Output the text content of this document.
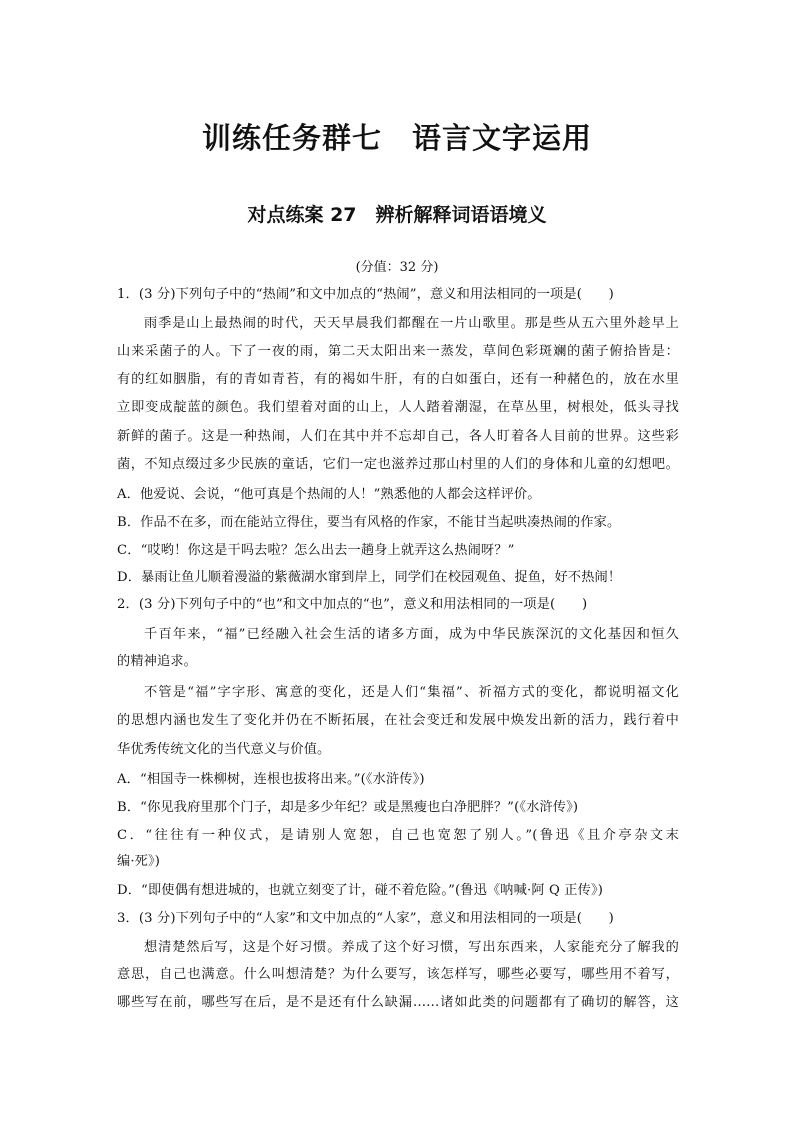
训练任务群七　语言文字运用
对点练案 27　辨析解释词语语境义
(分值：32 分)
1．(3 分)下列句子中的“热闹”和文中加点的“热闹”，意义和用法相同的一项是(　　)
雨季是山上最热闹的时代，天天早晨我们都醒在一片山歌里。那是些从五六里外趁早上
山来采菌子的人。下了一夜的雨，第二天太阳出来一蒸发，草间色彩斑斓的菌子俯拾皆是：
有的红如胭脂，有的青如青苔，有的褐如牛肝，有的白如蛋白，还有一种赭色的，放在水里
立即变成靛蓝的颜色。我们望着对面的山上，人人踏着潮湿，在草丛里，树根处，低头寻找
新鲜的菌子。这是一种热闹，人们在其中并不忘却自己，各人盯着各人目前的世界。这些彩
菌，不知点缀过多少民族的童话，它们一定也滋养过那山村里的人们的身体和儿童的幻想吧。
A．他爱说、会说，“他可真是个热闹的人！”熟悉他的人都会这样评价。
B．作品不在多，而在能站立得住，要当有风格的作家，不能甘当起哄凑热闹的作家。
C．“哎哟！你这是干吗去啦？怎么出去一趟身上就弄这么热闹呀？”
D．暴雨让鱼儿顺着漫溢的紫薇湖水窜到岸上，同学们在校园观鱼、捉鱼，好不热闹！
2．(3 分)下列句子中的“也”和文中加点的“也”，意义和用法相同的一项是(　　)
千百年来，“福”已经融入社会生活的诸多方面，成为中华民族深沉的文化基因和恒久
的精神追求。
不管是“福”字字形、寓意的变化，还是人们“集福”、祈福方式的变化，都说明福文化
的思想内涵也发生了变化并仍在不断拓展，在社会变迁和发展中焕发出新的活力，践行着中
华优秀传统文化的当代意义与价值。
A．“相国寺一株柳树，连根也拔将出来。”(《水浒传》)
B．“你见我府里那个门子，却是多少年纪？或是黑瘦也白净肥胖？”(《水浒传》)
C．“往往有一种仪式，是请别人宽恕，自己也宽恕了别人。”(鲁迅《且介亭杂文末
编·死》)
D．“即使偶有想进城的，也就立刻变了计，碰不着危险。”(鲁迅《呐喊·阿 Q 正传》)
3．(3 分)下列句子中的“人家”和文中加点的“人家”，意义和用法相同的一项是(　　)
想清楚然后写，这是个好习惯。养成了这个好习惯，写出东西来，人家能充分了解我的
意思，自己也满意。什么叫想清楚？为什么要写，该怎样写，哪些必要写，哪些用不着写，
哪些写在前，哪些写在后，是不是还有什么缺漏……诸如此类的问题都有了确切的解答，这
